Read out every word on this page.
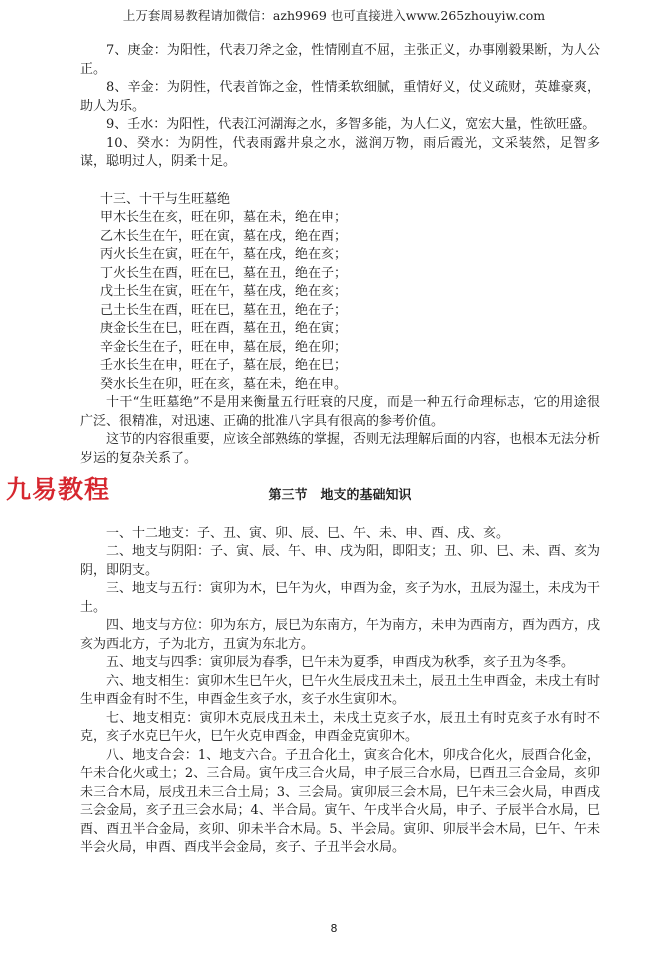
上万套周易教程请加微信：azh9969 也可直接进入www.265zhouyiw.com

7、庚金：为阳性，代表刀斧之金，性情刚直不屈，主张正义，办事刚毅果断，为人公正。

8、辛金：为阴性，代表首饰之金，性情柔软细腻，重情好义，仗义疏财，英雄豪爽，助人为乐。

9、壬水：为阳性，代表江河湖海之水，多智多能，为人仁义，宽宏大量，性欲旺盛。

10、癸水：为阴性，代表雨露井泉之水，滋润万物，雨后霞光，文采装然，足智多谋，聪明过人，阴柔十足。

十三、十干与生旺墓绝

甲木长生在亥，旺在卯，墓在未，绝在申；

乙木长生在午，旺在寅，墓在戌，绝在酉；

丙火长生在寅，旺在午，墓在戌，绝在亥；

丁火长生在酉，旺在巳，墓在丑，绝在子；

戊土长生在寅，旺在午，墓在戌，绝在亥；

己土长生在酉，旺在巳，墓在丑，绝在子；

庚金长生在巳，旺在酉，墓在丑，绝在寅；

辛金长生在子，旺在申，墓在辰，绝在卯；

壬水长生在申，旺在子，墓在辰，绝在巳；

癸水长生在卯，旺在亥，墓在未，绝在申。

十干“生旺墓绝”不是用来衡量五行旺衰的尺度，而是一种五行命理标志，它的用途很广泛、很精准，对迅速、正确的批准八字具有很高的参考价值。

这节的内容很重要，应该全部熟练的掌握，否则无法理解后面的内容，也根本无法分析岁运的复杂关系了。

第三节　地支的基础知识

一、十二地支：子、丑、寅、卯、辰、巳、午、未、申、酉、戌、亥。

二、地支与阴阳：子、寅、辰、午、申、戌为阳，即阳支；丑、卯、巳、未、酉、亥为阴，即阴支。

三、地支与五行：寅卯为木，巳午为火，申酉为金，亥子为水，丑辰为湿土，未戌为干土。

四、地支与方位：卯为东方，辰巳为东南方，午为南方，未申为西南方，酉为西方，戌亥为西北方，子为北方，丑寅为东北方。

五、地支与四季：寅卯辰为春季，巳午未为夏季，申酉戌为秋季，亥子丑为冬季。

六、地支相生：寅卯木生巳午火，巳午火生辰戌丑未土，辰丑土生申酉金，未戌土有时生申酉金有时不生，申酉金生亥子水，亥子水生寅卯木。

七、地支相克：寅卯木克辰戌丑未土，未戌土克亥子水，辰丑土有时克亥子水有时不克，亥子水克巳午火，巳午火克申酉金，申酉金克寅卯木。

八、地支合会：1、地支六合。子丑合化土，寅亥合化木，卯戌合化火，辰酉合化金，午未合化火或土；2、三合局。寅午戌三合火局，申子辰三合水局，巳酉丑三合金局，亥卯未三合木局，辰戌丑未三合土局；3、三会局。寅卯辰三会木局，巳午未三会火局，申酉戌三会金局，亥子丑三会水局；4、半合局。寅午、午戌半合火局，申子、子辰半合水局，巳酉、酉丑半合金局，亥卯、卯未半合木局。5、半会局。寅卯、卯辰半会木局，巳午、午未半会火局，申酉、酉戌半会金局，亥子、子丑半会水局。

九易教程
8
